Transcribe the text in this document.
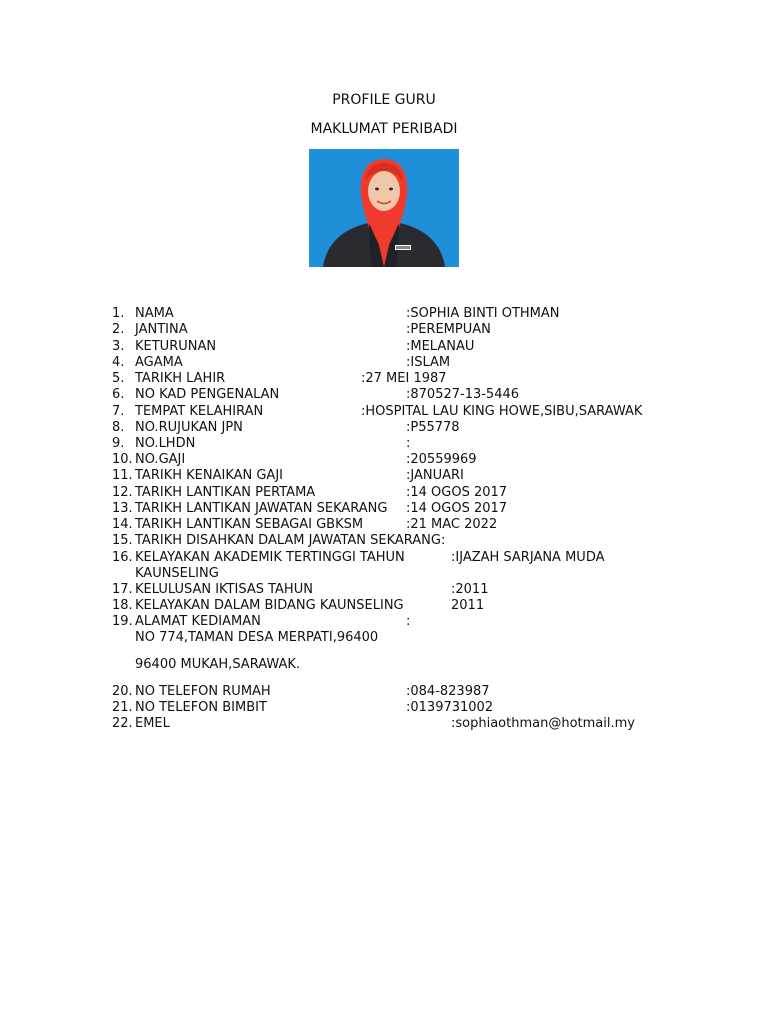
PROFILE GURU
MAKLUMAT PERIBADI
1. NAMA	:SOPHIA BINTI OTHMAN
2. JANTINA	:PEREMPUAN
3. KETURUNAN	:MELANAU
4. AGAMA	:ISLAM
5. TARIKH LAHIR	:27 MEI 1987
6. NO KAD PENGENALAN	:870527-13-5446
7. TEMPAT KELAHIRAN	:HOSPITAL LAU KING HOWE,SIBU,SARAWAK
8. NO.RUJUKAN JPN	:P55778
9. NO.LHDN	:
10. NO.GAJI	:20559969
11. TARIKH KENAIKAN GAJI	:JANUARI
12. TARIKH LANTIKAN PERTAMA	:14 OGOS 2017
13. TARIKH LANTIKAN JAWATAN SEKARANG :14 OGOS 2017
14. TARIKH LANTIKAN SEBAGAI GBKSM	:21 MAC 2022
15. TARIKH DISAHKAN DALAM JAWATAN SEKARANG:
16. KELAYAKAN AKADEMIK TERTINGGI TAHUN	:IJAZAH SARJANA MUDA
KAUNSELING
17. KELULUSAN IKTISAS TAHUN	:2011
18. KELAYAKAN DALAM BIDANG KAUNSELING	2011
19. ALAMAT KEDIAMAN	:
NO 774,TAMAN DESA MERPATI,96400
96400 MUKAH,SARAWAK.
20. NO TELEFON RUMAH	:084-823987
21. NO TELEFON BIMBIT	:0139731002
22. EMEL	:sophiaothman@hotmail.my
